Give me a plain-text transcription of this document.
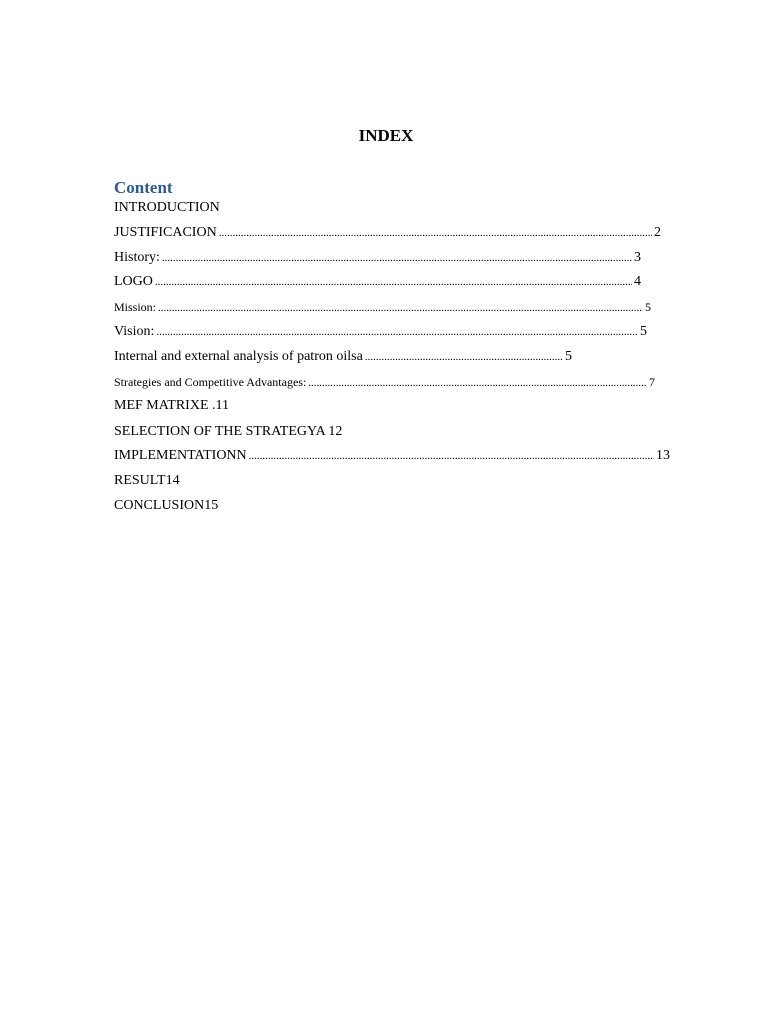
INDEX
Content
INTRODUCTION
JUSTIFICACION .....	2
History: .....	3
LOGO .....	4
Mission: .....	5
Vision: .....	5
Internal and external analysis of patron oilsa .....	5
Strategies and Competitive Advantages: .....	7
MEF MATRIXE .11
SELECTION OF THE STRATEGYA 12
IMPLEMENTATIONN .....	13
RESULT14
CONCLUSION15
